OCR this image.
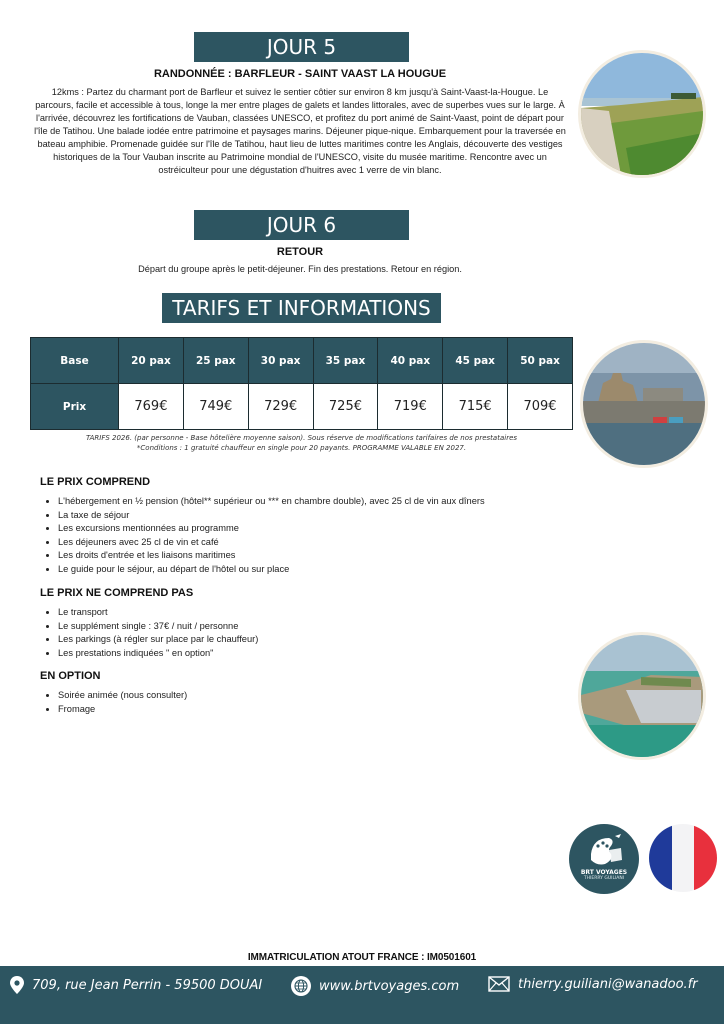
JOUR 5
RANDONNÉE : BARFLEUR - SAINT VAAST LA HOUGUE
12kms : Partez du charmant port de Barfleur et suivez le sentier côtier sur environ 8 km jusqu'à Saint-Vaast-la-Hougue. Le parcours, facile et accessible à tous, longe la mer entre plages de galets et landes littorales, avec de superbes vues sur le large. À l'arrivée, découvrez les fortifications de Vauban, classées UNESCO, et profitez du port animé de Saint-Vaast, point de départ pour l'île de Tatihou. Une balade iodée entre patrimoine et paysages marins. Déjeuner pique-nique. Embarquement pour la traversée en bateau amphibie. Promenade guidée sur l'île de Tatihou, haut lieu de luttes maritimes contre les Anglais, découverte des vestiges historiques de la Tour Vauban inscrite au Patrimoine mondial de l'UNESCO, visite du musée maritime. Rencontre avec un ostréiculteur pour une dégustation d'huitres avec 1 verre de vin blanc.
JOUR 6
RETOUR
Départ du groupe après le petit-déjeuner. Fin des prestations. Retour en région.
TARIFS ET INFORMATIONS
Base	20 pax	25 pax	30 pax	35 pax	40 pax	45 pax	50 pax
Prix	769€	749€	729€	725€	719€	715€	709€
TARIFS 2026. (par personne - Base hôtelière moyenne saison). Sous réserve de modifications tarifaires de nos prestataires
*Conditions : 1 gratuité chauffeur en single pour 20 payants. PROGRAMME VALABLE EN 2027.
LE PRIX COMPREND
• L'hébergement en ½ pension (hôtel** supérieur ou *** en chambre double), avec 25 cl de vin aux dîners
• La taxe de séjour
• Les excursions mentionnées au programme
• Les déjeuners avec 25 cl de vin et café
• Les droits d'entrée et les liaisons maritimes
• Le guide pour le séjour, au départ de l'hôtel ou sur place
LE PRIX NE COMPREND PAS
• Le transport
• Le supplément single : 37€ / nuit / personne
• Les parkings (à régler sur place par le chauffeur)
• Les prestations indiquées " en option"
EN OPTION
• Soirée animée (nous consulter)
• Fromage
BRT VOYAGES
THIERRY GUILIANI
IMMATRICULATION ATOUT FRANCE : IM0501601
709, rue Jean Perrin - 59500 DOUAI	www.brtvoyages.com	thierry.guiliani@wanadoo.fr
